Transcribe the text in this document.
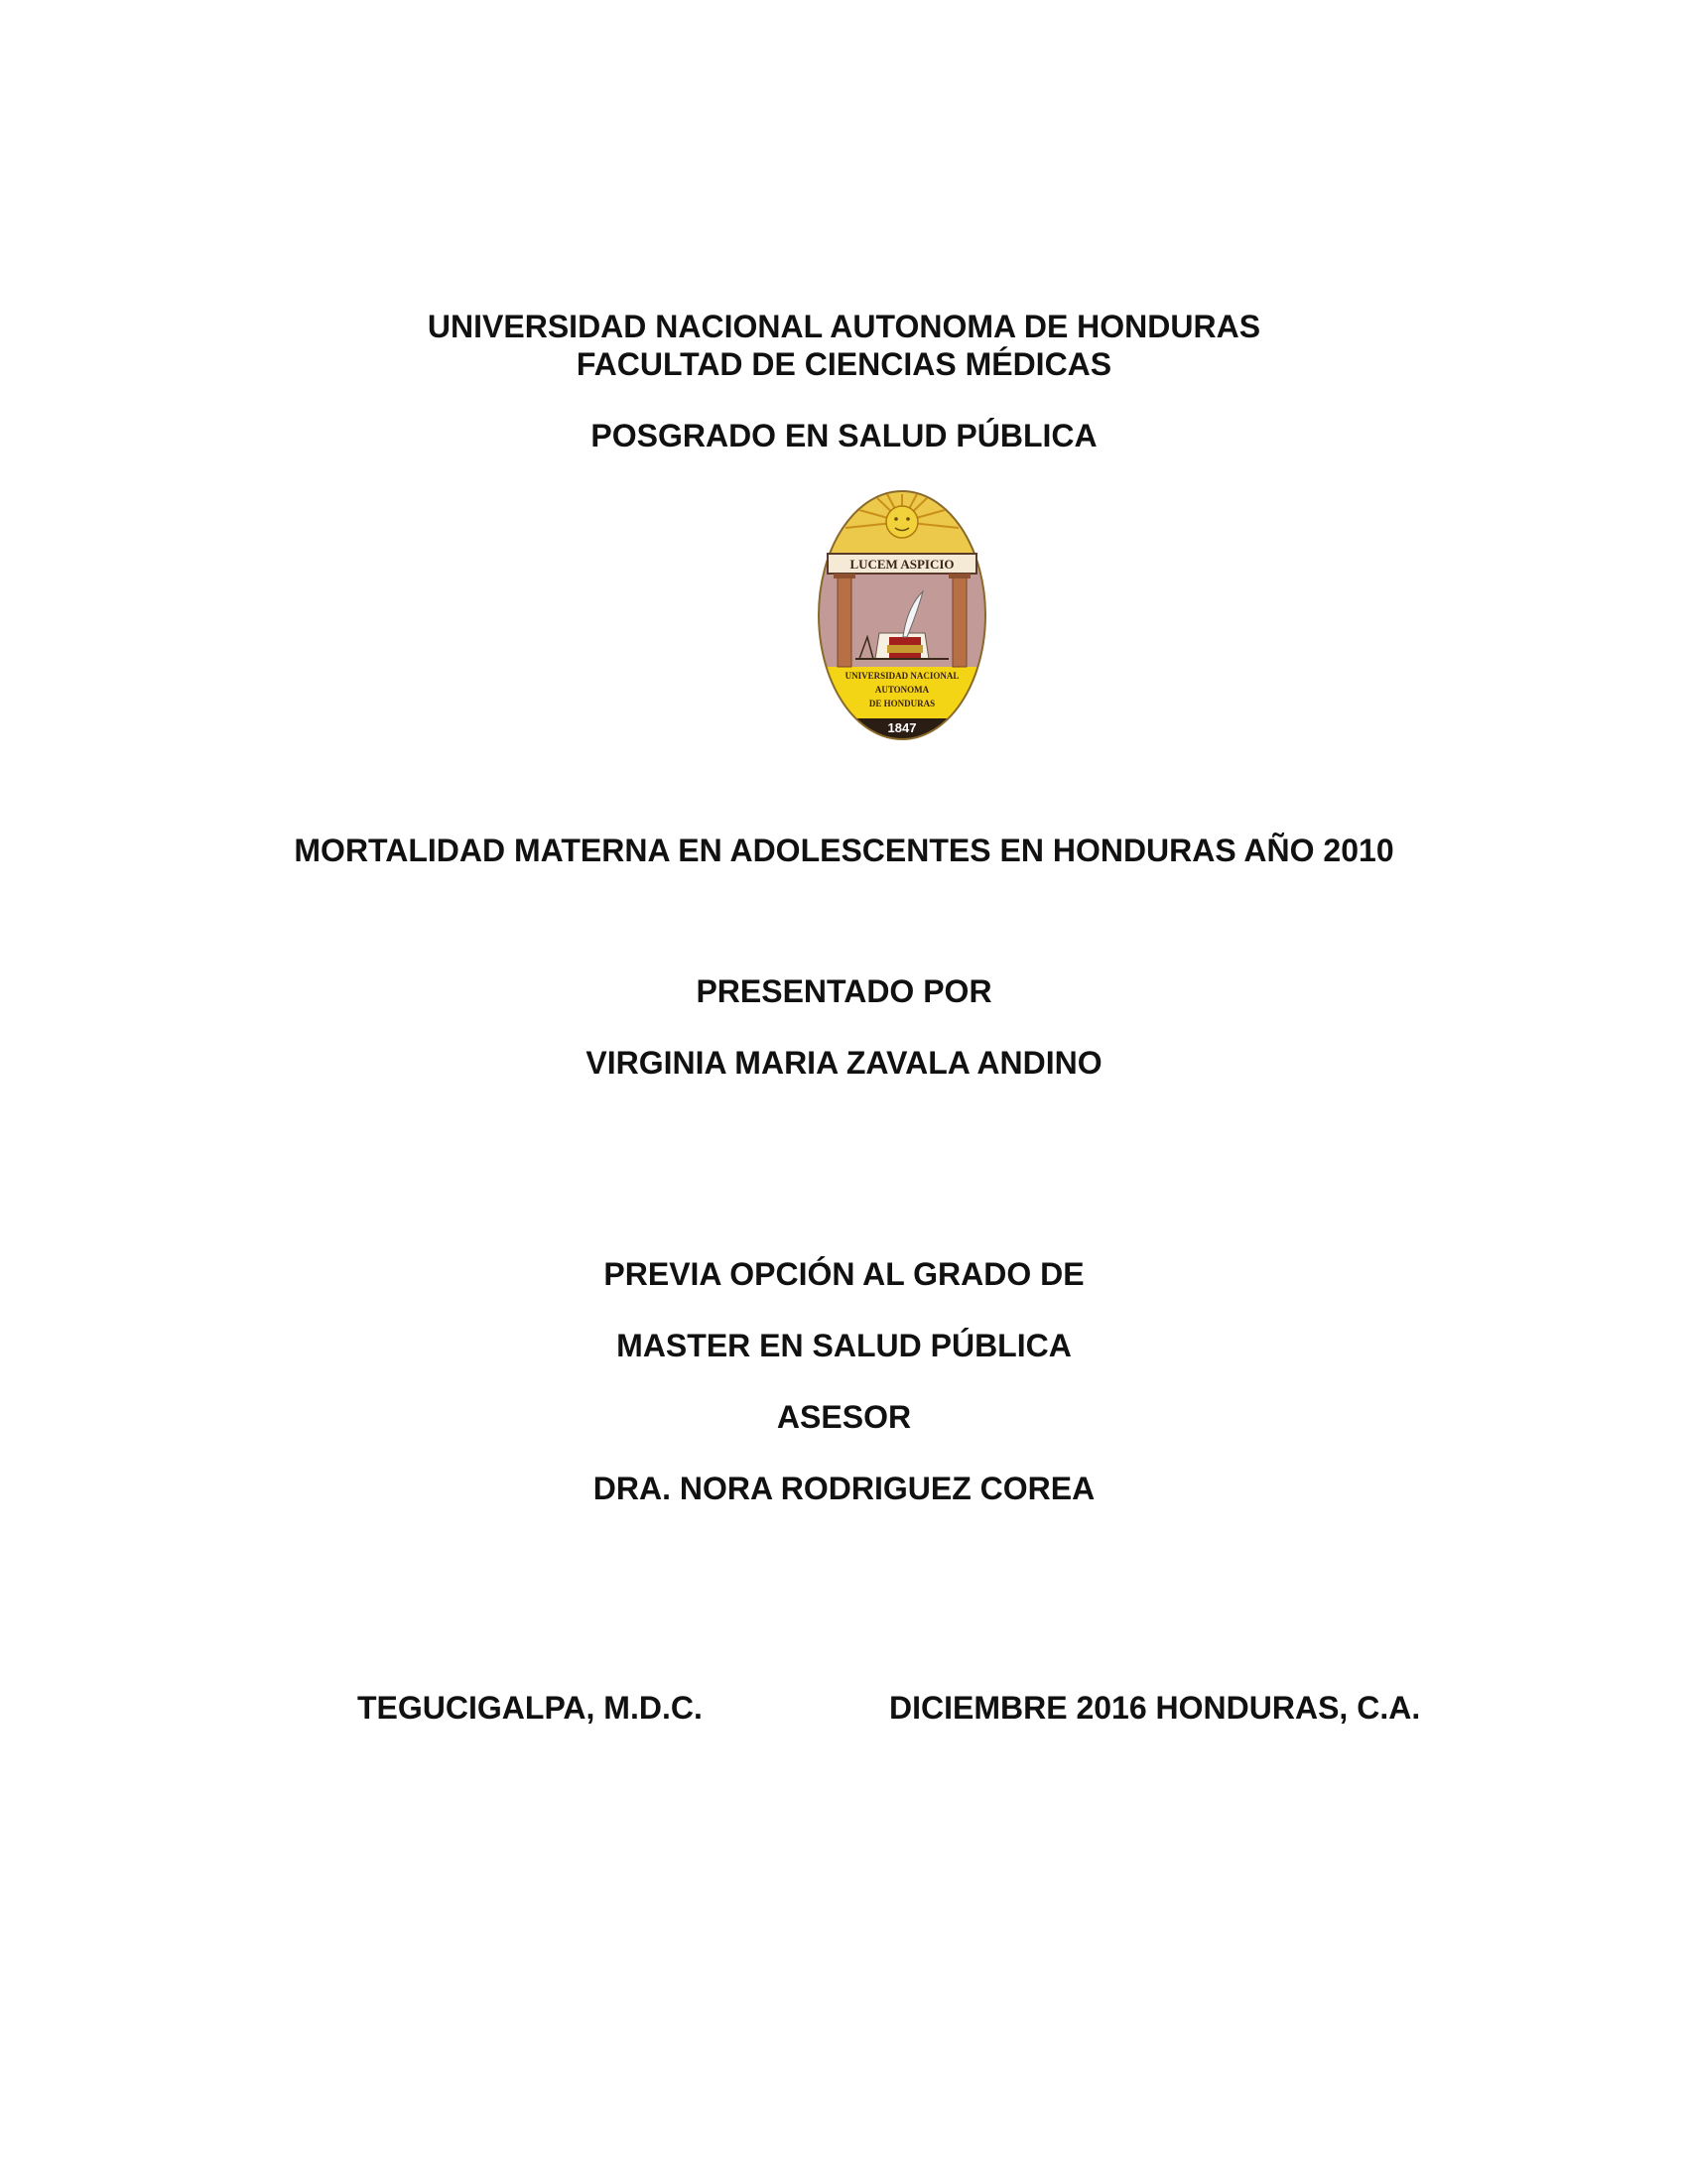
UNIVERSIDAD NACIONAL AUTONOMA DE HONDURAS
FACULTAD DE CIENCIAS MÉDICAS
POSGRADO EN SALUD PÚBLICA
LUCEM ASPICIO
UNIVERSIDAD NACIONAL
AUTONOMA
DE HONDURAS
1847
MORTALIDAD MATERNA EN ADOLESCENTES EN HONDURAS AÑO 2010
PRESENTADO POR
VIRGINIA MARIA ZAVALA ANDINO
PREVIA OPCIÓN AL GRADO DE
MASTER EN SALUD PÚBLICA
ASESOR
DRA. NORA RODRIGUEZ COREA
TEGUCIGALPA, M.D.C.	DICIEMBRE 2016 HONDURAS, C.A.
